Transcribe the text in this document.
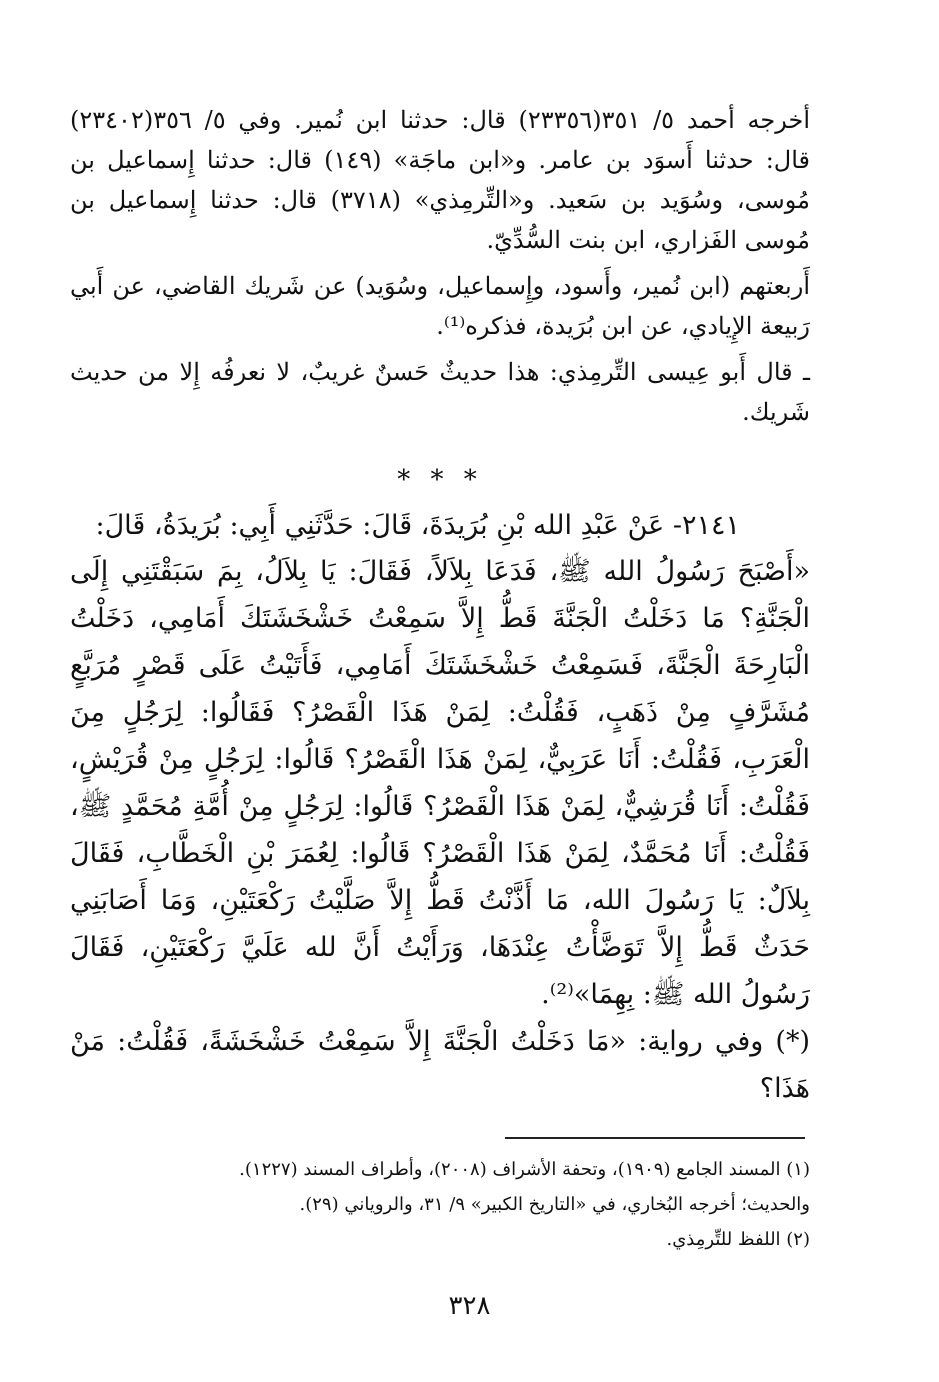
أخرجه أحمد ٥/ ٣٥١(٢٣٣٥٦) قال: حدثنا ابن نُمير. وفي ٥/ ٣٥٦(٢٣٤٠٢) قال: حدثنا أَسوَد بن عامر. و«ابن ماجَة» (١٤٩) قال: حدثنا إِسماعيل بن مُوسى، وسُوَيد بن سَعيد. و«التِّرمِذي» (٣٧١٨) قال: حدثنا إِسماعيل بن مُوسى الفَزاري، ابن بنت السُّدِّيّ.

أَربعتهم (ابن نُمير، وأَسود، وإِسماعيل، وسُوَيد) عن شَريك القاضي، عن أَبي رَبيعة الإِيادي، عن ابن بُرَيدة، فذكره⁽¹⁾.

ـ قال أَبو عِيسى التِّرمِذي: هذا حديثٌ حَسنٌ غريبٌ، لا نعرفُه إِلا من حديث شَريك.

* * *

٢١٤١- عَنْ عَبْدِ الله بْنِ بُرَيدَةَ، قَالَ: حَدَّثَنِي أَبِي: بُرَيدَةُ، قَالَ:

«أَصْبَحَ رَسُولُ الله ﷺ، فَدَعَا بِلاَلاً، فَقَالَ: يَا بِلاَلُ، بِمَ سَبَقْتَنِي إِلَى الْجَنَّةِ؟ مَا دَخَلْتُ الْجَنَّةَ قَطُّ إِلاَّ سَمِعْتُ خَشْخَشَتَكَ أَمَامِي، دَخَلْتُ الْبَارِحَةَ الْجَنَّةَ، فَسَمِعْتُ خَشْخَشَتَكَ أَمَامِي، فَأَتَيْتُ عَلَى قَصْرٍ مُرَبَّعٍ مُشَرَّفٍ مِنْ ذَهَبٍ، فَقُلْتُ: لِمَنْ هَذَا الْقَصْرُ؟ فَقَالُوا: لِرَجُلٍ مِنَ الْعَرَبِ، فَقُلْتُ: أَنَا عَرَبِيٌّ، لِمَنْ هَذَا الْقَصْرُ؟ قَالُوا: لِرَجُلٍ مِنْ قُرَيْشٍ، فَقُلْتُ: أَنَا قُرَشِيٌّ، لِمَنْ هَذَا الْقَصْرُ؟ قَالُوا: لِرَجُلٍ مِنْ أُمَّةِ مُحَمَّدٍ ﷺ، فَقُلْتُ: أَنَا مُحَمَّدٌ، لِمَنْ هَذَا الْقَصْرُ؟ قَالُوا: لِعُمَرَ بْنِ الْخَطَّابِ، فَقَالَ بِلاَلٌ: يَا رَسُولَ الله، مَا أَذَّنْتُ قَطُّ إِلاَّ صَلَّيْتُ رَكْعَتَيْنِ، وَمَا أَصَابَنِي حَدَثٌ قَطُّ إِلاَّ تَوَضَّأْتُ عِنْدَهَا، وَرَأَيْتُ أَنَّ لله عَلَيَّ رَكْعَتَيْنِ، فَقَالَ رَسُولُ الله ﷺ: بِهِمَا»⁽²⁾.

(*) وفي رواية: «مَا دَخَلْتُ الْجَنَّةَ إِلاَّ سَمِعْتُ خَشْخَشَةً، فَقُلْتُ: مَنْ هَذَا؟

(١) المسند الجامع (١٩٠٩)، وتحفة الأشراف (٢٠٠٨)، وأطراف المسند (١٢٢٧).

والحديث؛ أخرجه البُخاري، في «التاريخ الكبير» ٩/ ٣١، والروياني (٢٩).

(٢) اللفظ للتِّرمِذي.

٣٢٨
